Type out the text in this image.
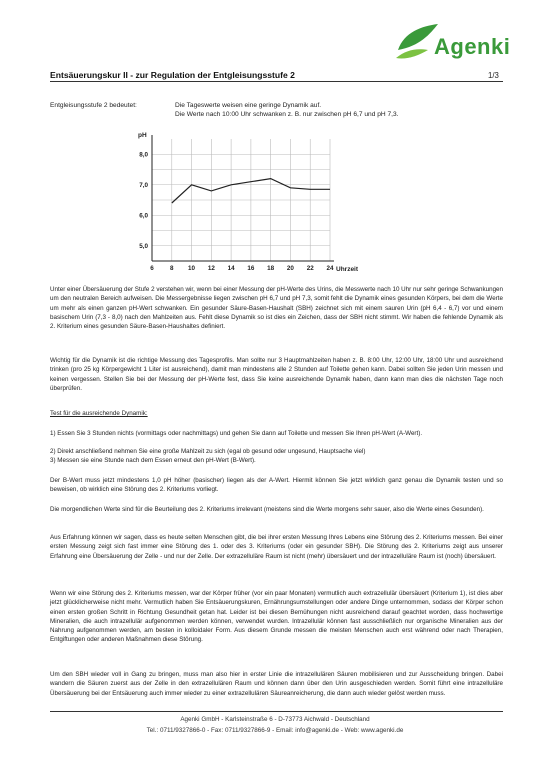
Agenki
Entsäuerungskur II - zur Regulation der Entgleisungsstufe 2	1/3
Entgleisungsstufe 2 bedeutet:	Die Tageswerte weisen eine geringe Dynamik auf.
Die Werte nach 10:00 Uhr schwanken z. B. nur zwischen pH 6,7 und pH 7,3.
6	8 10 12 14 16 18 20 22 24
8,0
7,0
6,0
5,0
pH
Uhrzeit
Unter einer Übersäuerung der Stufe 2 verstehen wir, wenn bei einer Messung der pH-Werte des Urins, die Messwerte nach 10 Uhr nur sehr geringe Schwankungen um den neutralen Bereich aufweisen. Die Messergebnisse liegen zwischen pH 6,7 und pH 7,3, somit fehlt die Dynamik eines gesunden Körpers, bei dem die Werte um mehr als einen ganzen pH-Wert schwanken. Ein gesunder Säure-Basen-Haushalt (SBH) zeichnet sich mit einem sauren Urin (pH 6,4 - 6,7) vor und einem basischem Urin (7,3 - 8,0) nach den Mahlzeiten aus. Fehlt diese Dynamik so ist dies ein Zeichen, dass der SBH nicht stimmt. Wir haben die fehlende Dynamik als 2. Kriterium eines gesunden Säure-Basen-Haushaltes definiert.
Wichtig für die Dynamik ist die richtige Messung des Tagesprofils. Man sollte nur 3 Hauptmahlzeiten haben z. B. 8:00 Uhr, 12:00 Uhr, 18:00 Uhr und ausreichend trinken (pro 25 kg Körpergewicht 1 Liter ist ausreichend), damit man mindestens alle 2 Stunden auf Toilette gehen kann. Dabei sollten Sie jeden Urin messen und keinen vergessen. Stellen Sie bei der Messung der pH-Werte fest, dass Sie keine ausreichende Dynamik haben, dann kann man dies die nächsten Tage noch überprüfen.
Test für die ausreichende Dynamik:
1) Essen Sie 3 Stunden nichts (vormittags oder nachmittags) und gehen Sie dann auf Toilette und messen Sie Ihren pH-Wert (A-Wert).
2) Direkt anschließend nehmen Sie eine große Mahlzeit zu sich (egal ob gesund oder ungesund, Hauptsache viel)
3) Messen sie eine Stunde nach dem Essen erneut den pH-Wert (B-Wert).
Der B-Wert muss jetzt mindestens 1,0 pH höher (basischer) liegen als der A-Wert. Hiermit können Sie jetzt wirklich ganz genau die Dynamik testen und so beweisen, ob wirklich eine Störung des 2. Kriteriums vorliegt.
Die morgendlichen Werte sind für die Beurteilung des 2. Kriteriums irrelevant (meistens sind die Werte morgens sehr sauer, also die Werte eines Gesunden).
Aus Erfahrung können wir sagen, dass es heute selten Menschen gibt, die bei ihrer ersten Messung Ihres Lebens eine Störung des 2. Kriteriums messen. Bei einer ersten Messung zeigt sich fast immer eine Störung des 1. oder des 3. Kriteriums (oder ein gesunder SBH). Die Störung des 2. Kriteriums zeigt aus unserer Erfahrung eine Übersäuerung der Zelle - und nur der Zelle. Der extrazelluläre Raum ist nicht (mehr) übersäuert und der intrazelluläre Raum ist (noch) übersäuert.
Wenn wir eine Störung des 2. Kriteriums messen, war der Körper früher (vor ein paar Monaten) vermutlich auch extrazellulär übersäuert (Kriterium 1), ist dies aber jetzt glücklicherweise nicht mehr. Vermutlich haben Sie Entsäuerungskuren, Ernährungsumstellungen oder andere Dinge unternommen, sodass der Körper schon einen ersten großen Schritt in Richtung Gesundheit getan hat. Leider ist bei diesen Bemühungen nicht ausreichend darauf geachtet worden, dass hochwertige Mineralien, die auch intrazellulär aufgenommen werden können, verwendet wurden. Intrazellulär können fast ausschließlich nur organische Mineralien aus der Nahrung aufgenommen werden, am besten in kolloidaler Form. Aus diesem Grunde messen die meisten Menschen auch erst während oder nach Therapien, Entgiftungen oder anderen Maßnahmen diese Störung.
Um den SBH wieder voll in Gang zu bringen, muss man also hier in erster Linie die intrazellulären Säuren mobilisieren und zur Ausscheidung bringen. Dabei wandern die Säuren zuerst aus der Zelle in den extrazellulären Raum und können dann über den Urin ausgeschieden werden. Somit führt eine intrazelluläre Übersäuerung bei der Entsäuerung auch immer wieder zu einer extrazellulären Säureanreicherung, die dann auch wieder gelöst werden muss.
Agenki GmbH - Karlsteinstraße 6 - D-73773 Aichwald - Deutschland
Tel.: 0711/9327866-0 - Fax: 0711/9327866-9 - Email: info@agenki.de - Web: www.agenki.de
